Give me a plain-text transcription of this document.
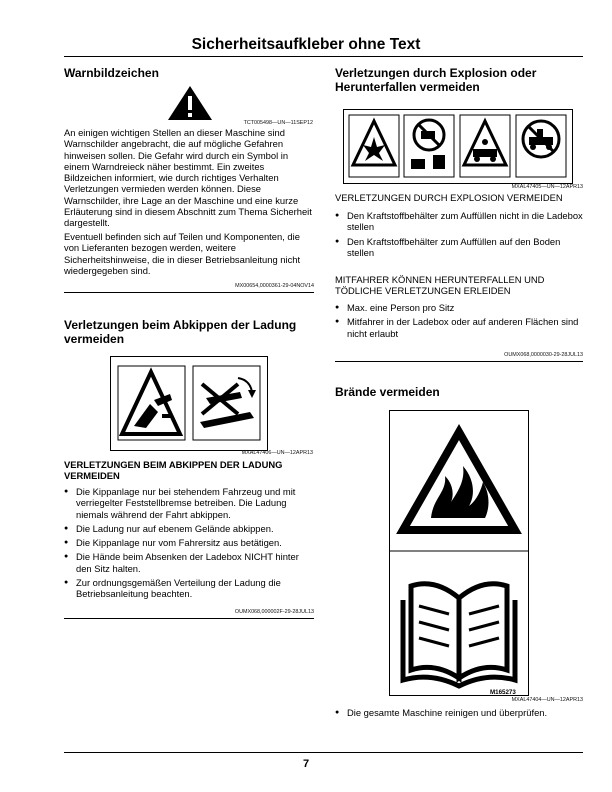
Sicherheitsaufkleber ohne Text
Warnbildzeichen
TCT005498—UN—11SEP12
An einigen wichtigen Stellen an dieser Maschine sind Warnschilder angebracht, die auf mögliche Gefahren hinweisen sollen. Die Gefahr wird durch ein Symbol in einem Warndreieck näher bestimmt. Ein zweites Bildzeichen informiert, wie durch richtiges Verhalten Verletzungen vermieden werden können. Diese Warnschilder, ihre Lage an der Maschine und eine kurze Erläuterung sind in diesem Abschnitt zum Thema Sicherheit dargestellt.
Eventuell befinden sich auf Teilen und Komponenten, die von Lieferanten bezogen werden, weitere Sicherheitshinweise, die in dieser Betriebsanleitung nicht wiedergegeben sind.
MX00654,0000361-29-04NOV14
Verletzungen beim Abkippen der Ladung vermeiden
MXAL47406—UN—12APR13
VERLETZUNGEN BEIM ABKIPPEN DER LADUNG VERMEIDEN
● Die Kippanlage nur bei stehendem Fahrzeug und mit verriegelter Feststellbremse betreiben. Die Ladung niemals während der Fahrt abkippen.
● Die Ladung nur auf ebenem Gelände abkippen.
● Die Kippanlage nur vom Fahrersitz aus betätigen.
● Die Hände beim Absenken der Ladebox NICHT hinter den Sitz halten.
● Zur ordnungsgemäßen Verteilung der Ladung die Betriebsanleitung beachten.
OUMX068,000002F-29-28JUL13
Verletzungen durch Explosion oder Herunterfallen vermeiden
MXAL47405—UN—12APR13
VERLETZUNGEN DURCH EXPLOSION VERMEIDEN
● Den Kraftstoffbehälter zum Auffüllen nicht in die Ladebox stellen
● Den Kraftstoffbehälter zum Auffüllen auf den Boden stellen
MITFAHRER KÖNNEN HERUNTERFALLEN UND TÖDLICHE VERLETZUNGEN ERLEIDEN
● Max. eine Person pro Sitz
● Mitfahrer in der Ladebox oder auf anderen Flächen sind nicht erlaubt
OUMX068,0000030-29-28JUL13
Brände vermeiden
M165273
MXAL47404—UN—12APR13
● Die gesamte Maschine reinigen und überprüfen.
7
